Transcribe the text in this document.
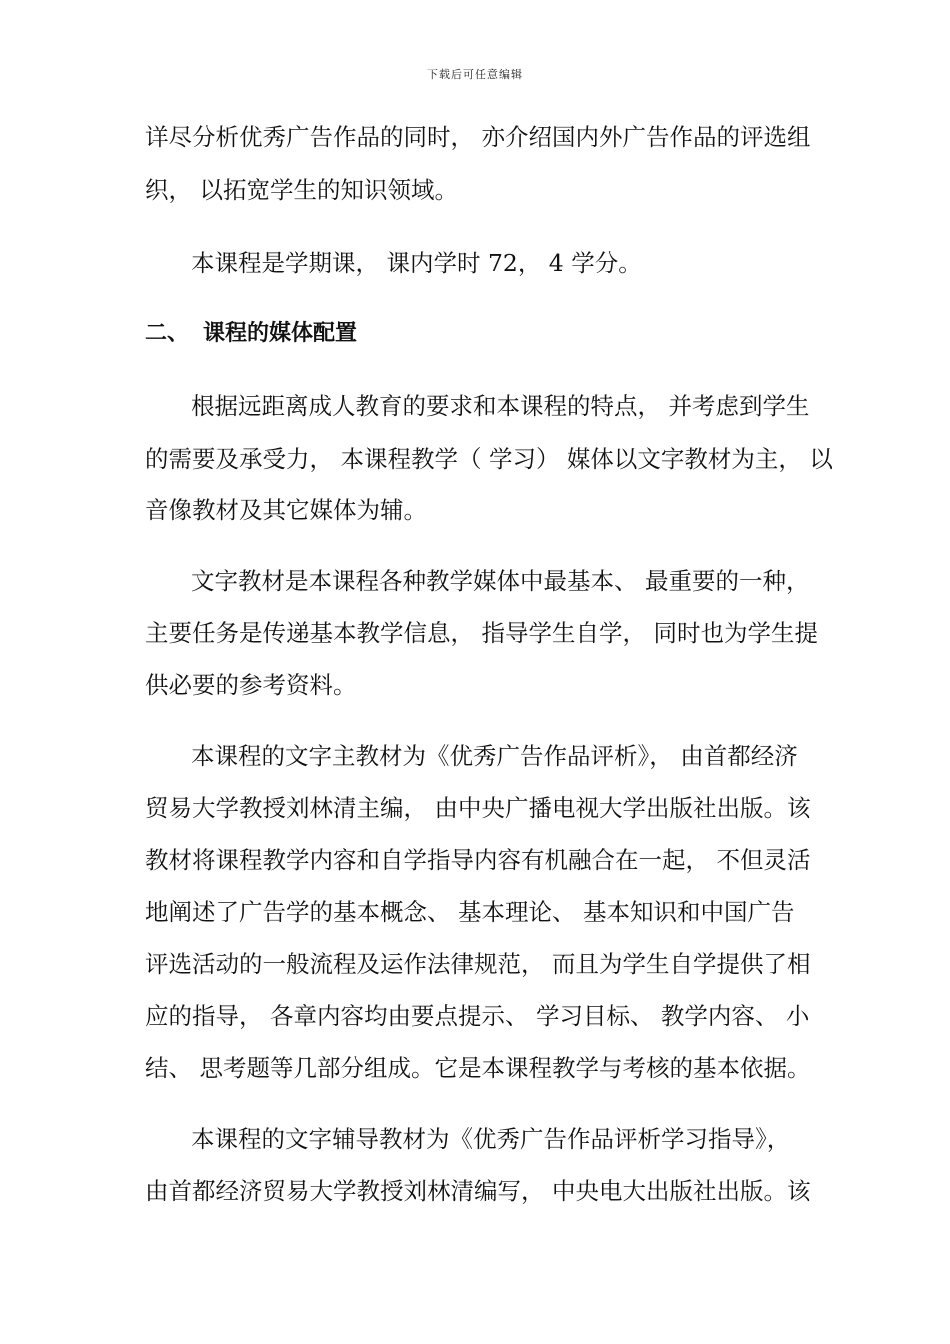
下载后可任意编辑
详尽分析优秀广告作品的同时， 亦介绍国内外广告作品的评选组
织， 以拓宽学生的知识领域。
本课程是学期课， 课内学时 72， 4 学分。
二、 课程的媒体配置
根据远距离成人教育的要求和本课程的特点， 并考虑到学生
的需要及承受力， 本课程教学（ 学习） 媒体以文字教材为主， 以
音像教材及其它媒体为辅。
文字教材是本课程各种教学媒体中最基本、 最重要的一种，
主要任务是传递基本教学信息， 指导学生自学， 同时也为学生提
供必要的参考资料。
本课程的文字主教材为《优秀广告作品评析》， 由首都经济
贸易大学教授刘林清主编， 由中央广播电视大学出版社出版。该
教材将课程教学内容和自学指导内容有机融合在一起， 不但灵活
地阐述了广告学的基本概念、 基本理论、 基本知识和中国广告
评选活动的一般流程及运作法律规范， 而且为学生自学提供了相
应的指导， 各章内容均由要点提示、 学习目标、 教学内容、 小
结、 思考题等几部分组成。它是本课程教学与考核的基本依据。
本课程的文字辅导教材为《优秀广告作品评析学习指导》，
由首都经济贸易大学教授刘林清编写， 中央电大出版社出版。该
